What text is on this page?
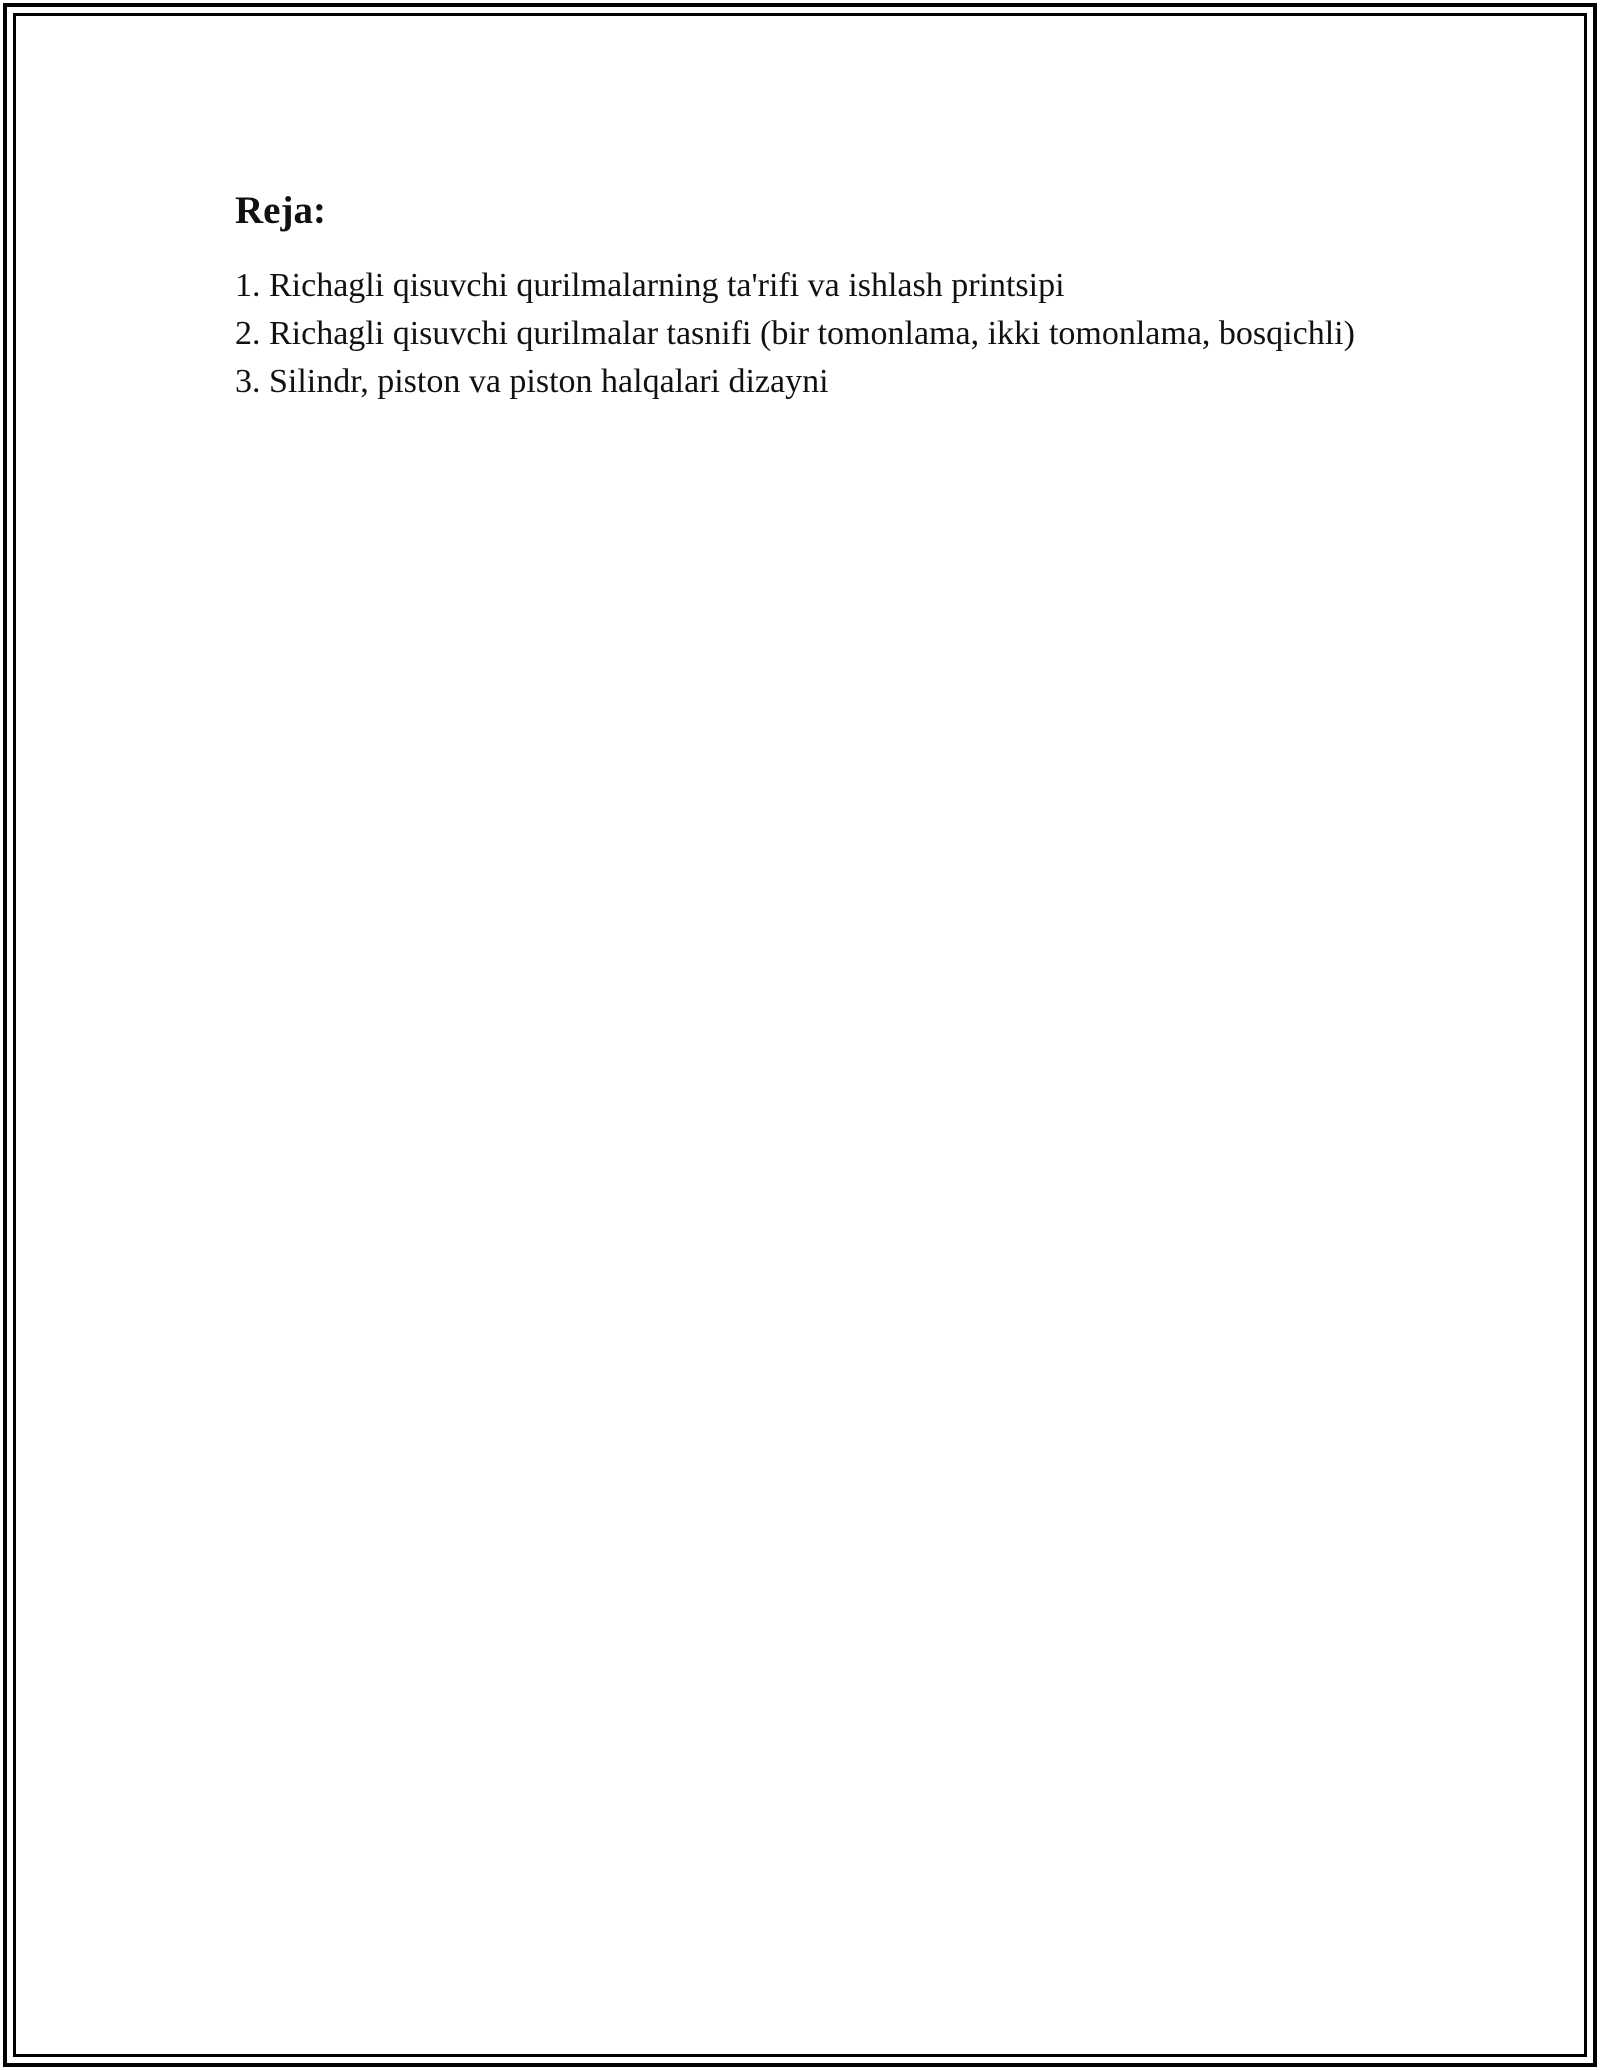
Reja:
1. Richagli qisuvchi qurilmalarning ta'rifi va ishlash printsipi
2. Richagli qisuvchi qurilmalar tasnifi (bir tomonlama, ikki tomonlama, bosqichli)
3. Silindr, piston va piston halqalari dizayni
